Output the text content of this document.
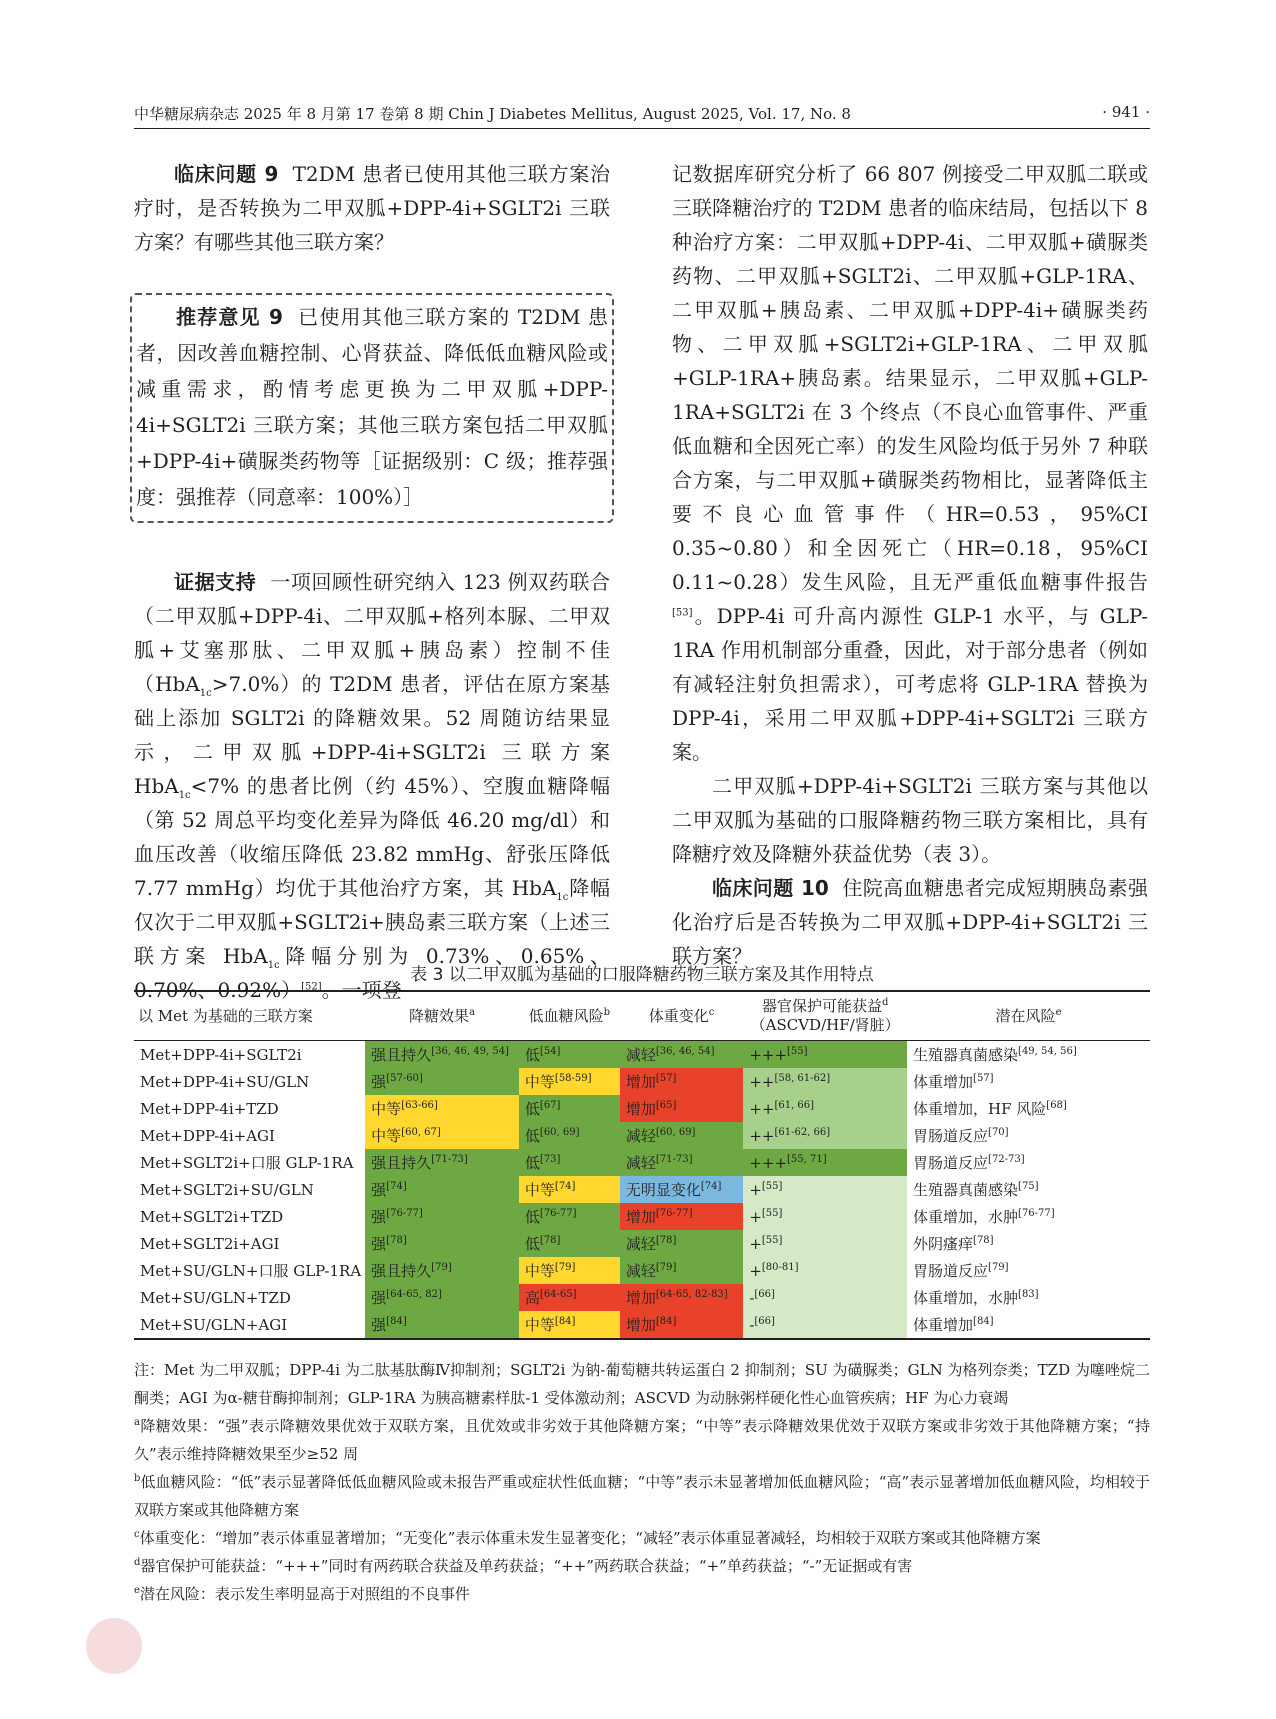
中华糖尿病杂志 2025 年 8 月第 17 卷第 8 期 Chin J Diabetes Mellitus, August 2025, Vol. 17, No. 8	· 941 ·

临床问题 9 T2DM 患者已使用其他三联方案治疗时，是否转换为二甲双胍+DPP-4i+SGLT2i 三联方案？有哪些其他三联方案？

推荐意见 9 已使用其他三联方案的 T2DM 患者，因改善血糖控制、心肾获益、降低低血糖风险或减重需求，酌情考虑更换为二甲双胍+DPP-4i+SGLT2i 三联方案；其他三联方案包括二甲双胍+DPP-4i+磺脲类药物等［证据级别：C 级；推荐强度：强推荐（同意率：100%）］

证据支持 一项回顾性研究纳入 123 例双药联合（二甲双胍+DPP-4i、二甲双胍+格列本脲、二甲双胍+艾塞那肽、二甲双胍+胰岛素）控制不佳（HbA$_{1c}$>7.0%）的 T2DM 患者，评估在原方案基础上添加 SGLT2i 的降糖效果。52 周随访结果显示，二甲双胍+DPP-4i+SGLT2i 三联方案 HbA$_{1c}$<7% 的患者比例（约 45%）、空腹血糖降幅（第 52 周总平均变化差异为降低 46.20 mg/dl）和血压改善（收缩压降低 23.82 mmHg、舒张压降低 7.77 mmHg）均优于其他治疗方案，其 HbA$_{1c}$降幅仅次于二甲双胍+SGLT2i+胰岛素三联方案（上述三联方案 HbA$_{1c}$降幅分别为 0.73%、0.65%、0.70%、0.92%）[52]。一项登

记数据库研究分析了 66 807 例接受二甲双胍二联或三联降糖治疗的 T2DM 患者的临床结局，包括以下 8 种治疗方案：二甲双胍+DPP-4i、二甲双胍+磺脲类药物、二甲双胍+SGLT2i、二甲双胍+GLP-1RA、二甲双胍+胰岛素、二甲双胍+DPP-4i+磺脲类药物、二甲双胍+SGLT2i+GLP-1RA、二甲双胍+GLP-1RA+胰岛素。结果显示，二甲双胍+GLP-1RA+SGLT2i 在 3 个终点（不良心血管事件、严重低血糖和全因死亡率）的发生风险均低于另外 7 种联合方案，与二甲双胍+磺脲类药物相比，显著降低主要不良心血管事件（HR=0.53，95%CI 0.35~0.80）和全因死亡（HR=0.18，95%CI 0.11~0.28）发生风险，且无严重低血糖事件报告[53]。DPP-4i 可升高内源性 GLP-1 水平，与 GLP-1RA 作用机制部分重叠，因此，对于部分患者（例如有减轻注射负担需求），可考虑将 GLP-1RA 替换为 DPP-4i，采用二甲双胍+DPP-4i+SGLT2i 三联方案。

二甲双胍+DPP-4i+SGLT2i 三联方案与其他以二甲双胍为基础的口服降糖药物三联方案相比，具有降糖疗效及降糖外获益优势（表 3）。

临床问题 10 住院高血糖患者完成短期胰岛素强化治疗后是否转换为二甲双胍+DPP-4i+SGLT2i 三联方案？

表 3 以二甲双胍为基础的口服降糖药物三联方案及其作用特点
以 Met 为基础的三联方案	降糖效果$^a$	低血糖风险$^b$	体重变化$^c$	器官保护可能获益$^d$
（ASCVD/HF/肾脏）	潜在风险$^e$
Met+DPP-4i+SGLT2i	强且持久[36, 46, 49, 54]	低[54]	减轻[36, 46, 54]	+++[55]	生殖器真菌感染[49, 54, 56]
Met+DPP-4i+SU/GLN	强[57-60]	中等[58-59]	增加[57]	++[58, 61-62]	体重增加[57]
Met+DPP-4i+TZD	中等[63-66]	低[67]	增加[65]	++[61, 66]	体重增加，HF 风险[68]
Met+DPP-4i+AGI	中等[60, 67]	低[60, 69]	减轻[60, 69]	++[61-62, 66]	胃肠道反应[70]
Met+SGLT2i+口服 GLP-1RA	强且持久[71-73]	低[73]	减轻[71-73]	+++[55, 71]	胃肠道反应[72-73]
Met+SGLT2i+SU/GLN	强[74]	中等[74]	无明显变化[74]	+[55]	生殖器真菌感染[75]
Met+SGLT2i+TZD	强[76-77]	低[76-77]	增加[76-77]	+[55]	体重增加，水肿[76-77]
Met+SGLT2i+AGI	强[78]	低[78]	减轻[78]	+[55]	外阴瘙痒[78]
Met+SU/GLN+口服 GLP-1RA	强且持久[79]	中等[79]	减轻[79]	+[80-81]	胃肠道反应[79]
Met+SU/GLN+TZD	强[64-65, 82]	高[64-65]	增加[64-65, 82-83]	-[66]	体重增加，水肿[83]
Met+SU/GLN+AGI	强[84]	中等[84]	增加[84]	-[66]	体重增加[84]

注：Met 为二甲双胍；DPP-4i 为二肽基肽酶Ⅳ抑制剂；SGLT2i 为钠-葡萄糖共转运蛋白 2 抑制剂；SU 为磺脲类；GLN 为格列奈类；TZD 为噻唑烷二酮类；AGI 为α-糖苷酶抑制剂；GLP-1RA 为胰高糖素样肽-1 受体激动剂；ASCVD 为动脉粥样硬化性心血管疾病；HF 为心力衰竭

$^a$降糖效果：“强”表示降糖效果优效于双联方案，且优效或非劣效于其他降糖方案；“中等”表示降糖效果优效于双联方案或非劣效于其他降糖方案；“持久”表示维持降糖效果至少≥52 周

$^b$低血糖风险：“低”表示显著降低低血糖风险或未报告严重或症状性低血糖；“中等”表示未显著增加低血糖风险；“高”表示显著增加低血糖风险，均相较于双联方案或其他降糖方案

$^c$体重变化：“增加”表示体重显著增加；“无变化”表示体重未发生显著变化；“减轻”表示体重显著减轻，均相较于双联方案或其他降糖方案

$^d$器官保护可能获益：“+++”同时有两药联合获益及单药获益；“++”两药联合获益；“+”单药获益；“-”无证据或有害

$^e$潜在风险：表示发生率明显高于对照组的不良事件
